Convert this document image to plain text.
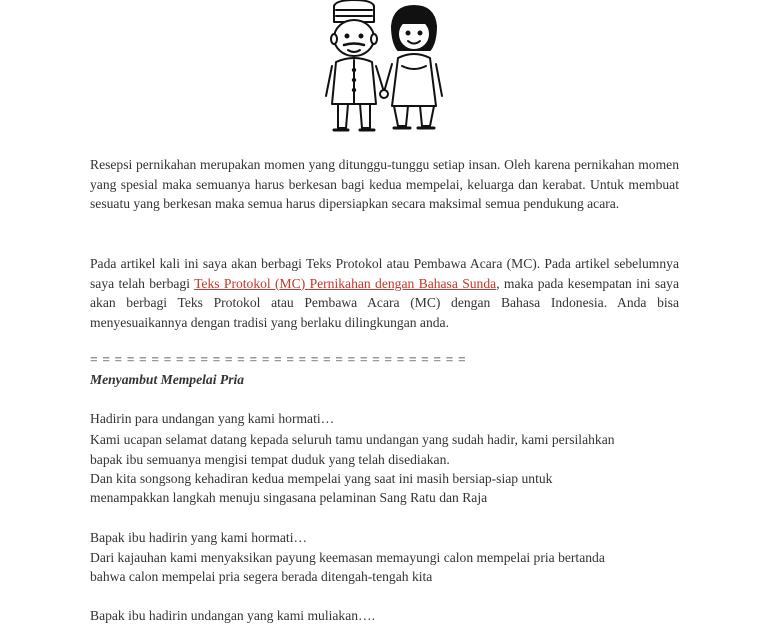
Resepsi pernikahan merupakan momen yang ditunggu-tunggu setiap insan. Oleh karena pernikahan momen yang spesial maka semuanya harus berkesan bagi kedua mempelai, keluarga dan kerabat. Untuk membuat sesuatu yang berkesan maka semua harus dipersiapkan secara maksimal semua pendukung acara.

Pada artikel kali ini saya akan berbagi Teks Protokol atau Pembawa Acara (MC). Pada artikel sebelumnya saya telah berbagi Teks Protokol (MC) Pernikahan dengan Bahasa Sunda, maka pada kesempatan ini saya akan berbagi Teks Protokol atau Pembawa Acara (MC) dengan Bahasa Indonesia. Anda bisa menyesuaikannya dengan tradisi yang berlaku dilingkungan anda.

= = = = = = = = = = = = = = = = = = = = = = = = = = = = = = =
Menyambut Mempelai Pria
Hadirin para undangan yang kami hormati…
Kami ucapan selamat datang kepada seluruh tamu undangan yang sudah hadir, kami persilahkan
bapak ibu semuanya mengisi tempat duduk yang telah disediakan.
Dan kita songsong kehadiran kedua mempelai yang saat ini masih bersiap-siap untuk
menampakkan langkah menuju singasana pelaminan Sang Ratu dan Raja
Bapak ibu hadirin yang kami hormati…
Dari kajauhan kami menyaksikan payung keemasan memayungi calon mempelai pria bertanda
bahwa calon mempelai pria segera berada ditengah-tengah kita
Bapak ibu hadirin undangan yang kami muliakan….
